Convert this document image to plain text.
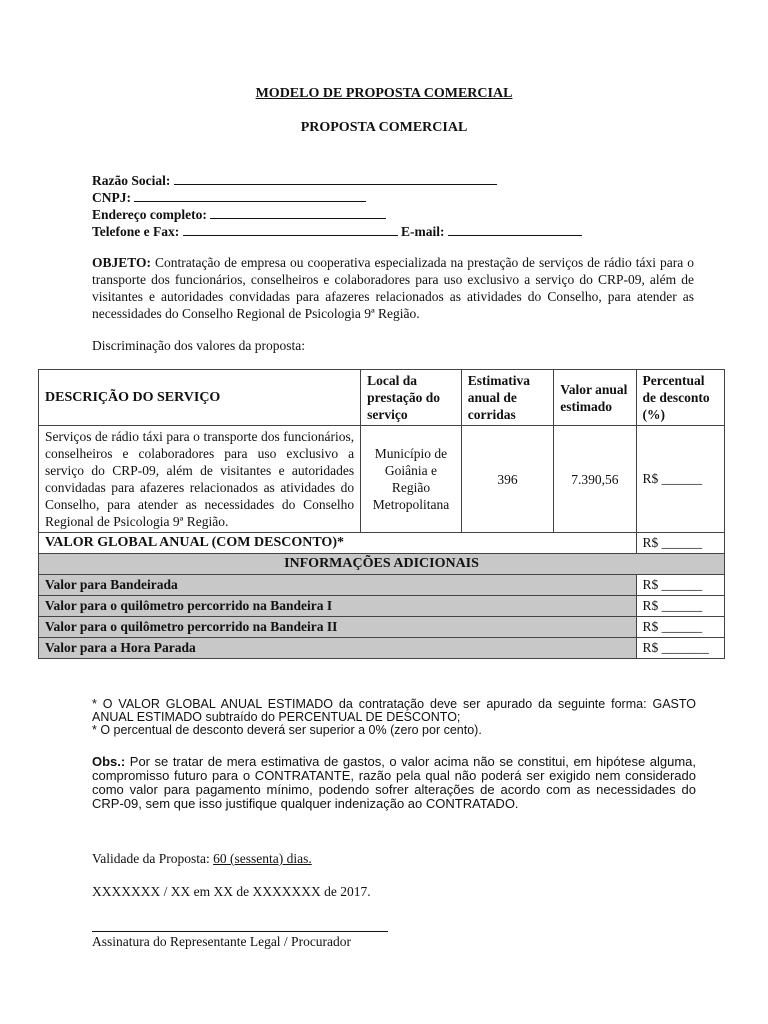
MODELO DE PROPOSTA COMERCIAL
PROPOSTA COMERCIAL
Razão Social:
CNPJ:
Endereço completo:
Telefone e Fax:	E-mail:
OBJETO: Contratação de empresa ou cooperativa especializada na prestação de serviços de rádio táxi para o transporte dos funcionários, conselheiros e colaboradores para uso exclusivo a serviço do CRP-09, além de visitantes e autoridades convidadas para afazeres relacionados as atividades do Conselho, para atender as necessidades do Conselho Regional de Psicologia 9ª Região.
Discriminação dos valores da proposta:
DESCRIÇÃO DO SERVIÇO	Local da prestação do serviço	Estimativa anual de corridas	Valor anual estimado	Percentual de desconto (%)
Serviços de rádio táxi para o transporte dos funcionários, conselheiros e colaboradores para uso exclusivo a serviço do CRP-09, além de visitantes e autoridades convidadas para afazeres relacionados as atividades do Conselho, para atender as necessidades do Conselho Regional de Psicologia 9ª Região.	Município de Goiânia e Região Metropolitana	396	7.390,56	R$ ______
VALOR GLOBAL ANUAL (COM DESCONTO)*				R$ ______
INFORMAÇÕES ADICIONAIS				
Valor para Bandeirada				R$ ______
Valor para o quilômetro percorrido na Bandeira I				R$ ______
Valor para o quilômetro percorrido na Bandeira II				R$ ______
Valor para a Hora Parada				R$ _______
* O VALOR GLOBAL ANUAL ESTIMADO da contratação deve ser apurado da seguinte forma: GASTO ANUAL ESTIMADO subtraído do PERCENTUAL DE DESCONTO;
* O percentual de desconto deverá ser superior a 0% (zero por cento).
Obs.: Por se tratar de mera estimativa de gastos, o valor acima não se constitui, em hipótese alguma, compromisso futuro para o CONTRATANTE, razão pela qual não poderá ser exigido nem considerado como valor para pagamento mínimo, podendo sofrer alterações de acordo com as necessidades do CRP-09, sem que isso justifique qualquer indenização ao CONTRATADO.
Validade da Proposta: 60 (sessenta) dias.
XXXXXXX / XX em XX de XXXXXXX de 2017.
Assinatura do Representante Legal / Procurador
